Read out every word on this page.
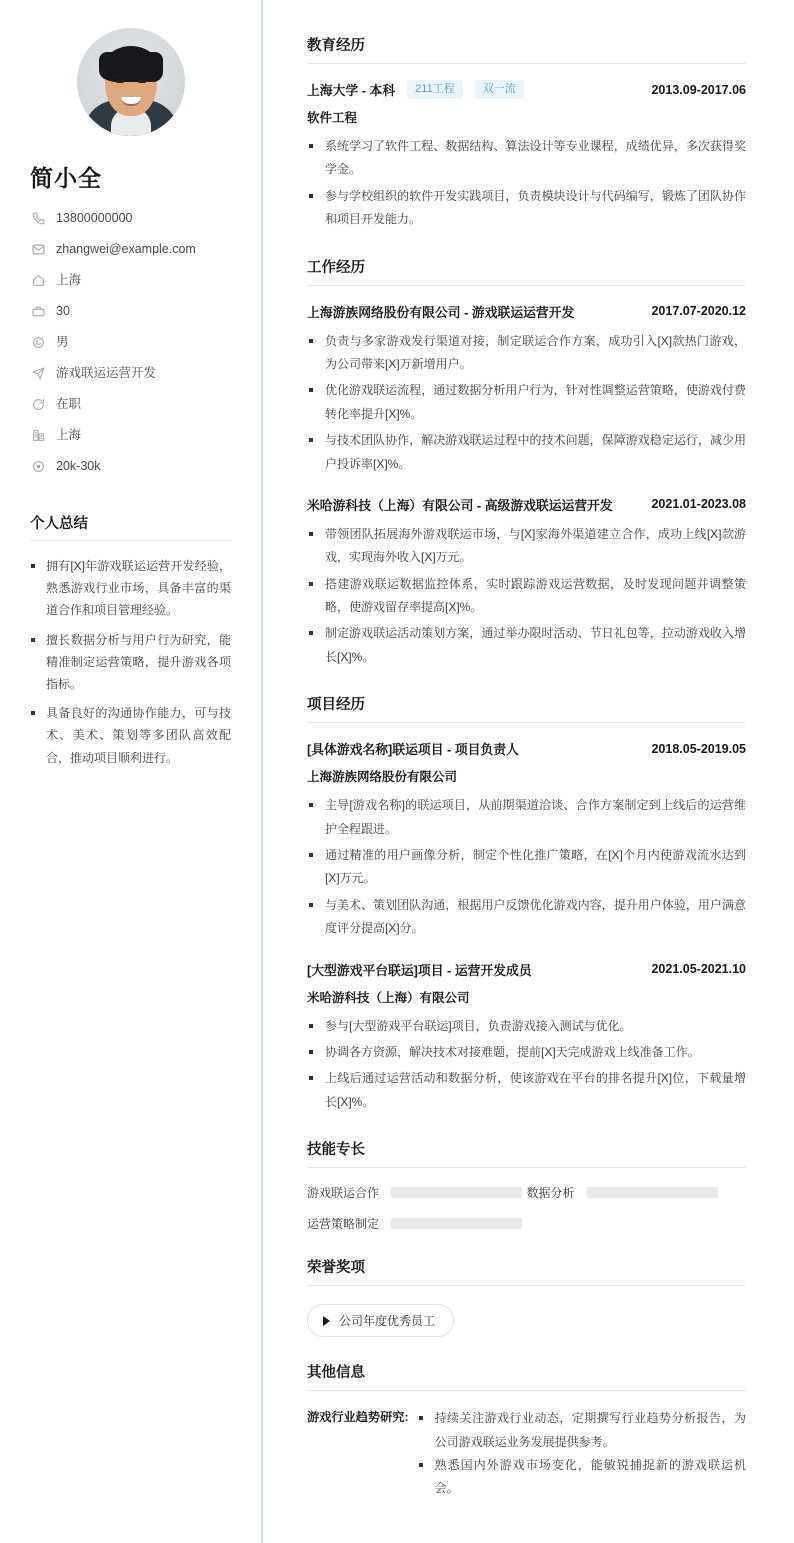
简小全
13800000000
zhangwei@example.com
上海
30
男
游戏联运运营开发
在职
上海
20k-30k
个人总结
拥有[X]年游戏联运运营开发经验，熟悉游戏行业市场，具备丰富的渠道合作和项目管理经验。
擅长数据分析与用户行为研究，能精准制定运营策略，提升游戏各项指标。
具备良好的沟通协作能力，可与技术、美术、策划等多团队高效配合，推动项目顺利进行。
教育经历
上海大学 - 本科	211工程	双一流	2013.09-2017.06
软件工程
系统学习了软件工程、数据结构、算法设计等专业课程，成绩优异，多次获得奖学金。
参与学校组织的软件开发实践项目，负责模块设计与代码编写，锻炼了团队协作和项目开发能力。
工作经历
上海游族网络股份有限公司 - 游戏联运运营开发	2017.07-2020.12
负责与多家游戏发行渠道对接，制定联运合作方案，成功引入[X]款热门游戏，为公司带来[X]万新增用户。
优化游戏联运流程，通过数据分析用户行为，针对性调整运营策略，使游戏付费转化率提升[X]%。
与技术团队协作，解决游戏联运过程中的技术问题，保障游戏稳定运行，减少用户投诉率[X]%。
米哈游科技（上海）有限公司 - 高级游戏联运运营开发	2021.01-2023.08
带领团队拓展海外游戏联运市场，与[X]家海外渠道建立合作，成功上线[X]款游戏，实现海外收入[X]万元。
搭建游戏联运数据监控体系，实时跟踪游戏运营数据，及时发现问题并调整策略，使游戏留存率提高[X]%。
制定游戏联运活动策划方案，通过举办限时活动、节日礼包等，拉动游戏收入增长[X]%。
项目经历
[具体游戏名称]联运项目 - 项目负责人	2018.05-2019.05
上海游族网络股份有限公司
主导[游戏名称]的联运项目，从前期渠道洽谈、合作方案制定到上线后的运营维护全程跟进。
通过精准的用户画像分析，制定个性化推广策略，在[X]个月内使游戏流水达到[X]万元。
与美术、策划团队沟通，根据用户反馈优化游戏内容，提升用户体验，用户满意度评分提高[X]分。
[大型游戏平台联运]项目 - 运营开发成员	2021.05-2021.10
米哈游科技（上海）有限公司
参与[大型游戏平台联运]项目，负责游戏接入测试与优化。
协调各方资源，解决技术对接难题，提前[X]天完成游戏上线准备工作。
上线后通过运营活动和数据分析，使该游戏在平台的排名提升[X]位，下载量增长[X]%。
技能专长
游戏联运合作	数据分析
运营策略制定
荣誉奖项
公司年度优秀员工
其他信息
游戏行业趋势研究:	持续关注游戏行业动态，定期撰写行业趋势分析报告，为公司游戏联运业务发展提供参考。
熟悉国内外游戏市场变化，能敏锐捕捉新的游戏联运机会。
